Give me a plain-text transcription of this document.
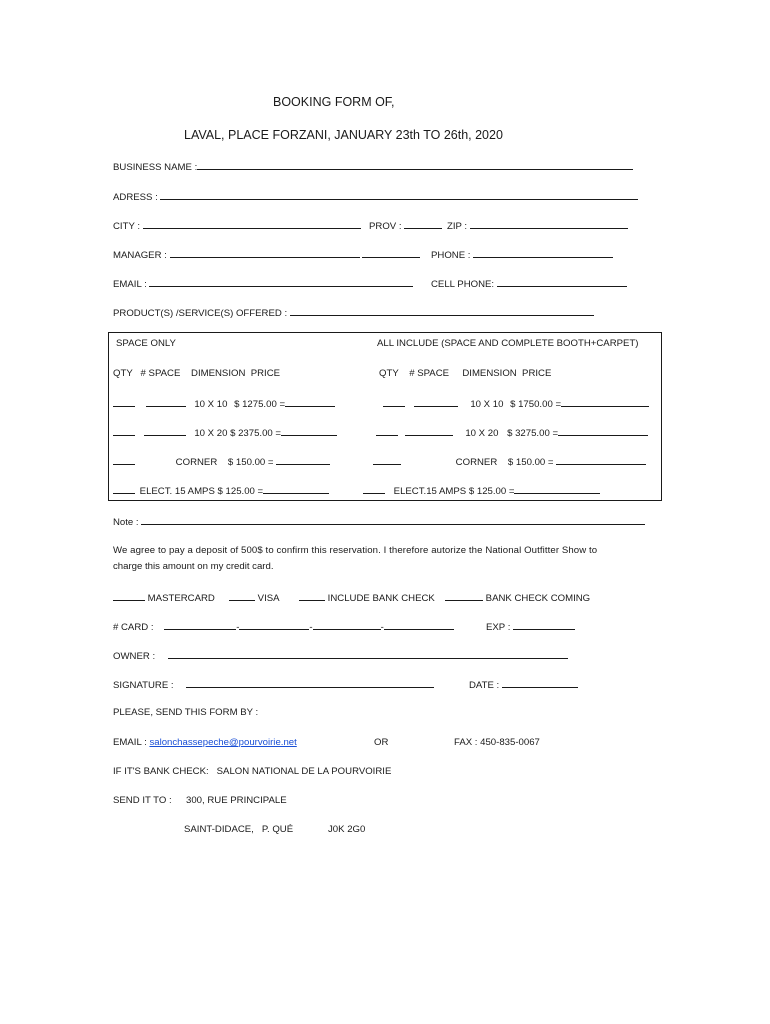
BOOKING FORM OF,
LAVAL, PLACE FORZANI, JANUARY 23th TO 26th, 2020
BUSINESS NAME :
ADRESS :
CITY :	PROV :	ZIP :
MANAGER :	PHONE :
EMAIL :	CELL PHONE:
PRODUCT(S) /SERVICE(S) OFFERED :
SPACE ONLY	ALL INCLUDE (SPACE AND COMPLETE BOOTH+CARPET)
QTY   # SPACE    DIMENSION  PRICE	QTY    # SPACE     DIMENSION  PRICE
10 X 10 $ 1275.00 =	10 X 10 $ 1750.00 =
10 X 20 $ 2375.00 =	10 X 20 $ 3275.00 =
CORNER $ 150.00 =	CORNER $ 150.00 =
ELECT. 15 AMPS $ 125.00 =	ELECT.15 AMPS $ 125.00 =
Note :
We agree to pay a deposit of 500$ to confirm this reservation. I therefore autorize the National Outfitter Show to
charge this amount on my credit card.
MASTERCARD	VISA	INCLUDE BANK CHECK	BANK CHECK COMING
# CARD :	-	-	-	EXP :
OWNER :
SIGNATURE :	DATE :
PLEASE, SEND THIS FORM BY :
EMAIL : salonchassepeche@pourvoirie.net	OR	FAX : 450-835-0067
IF IT'S BANK CHECK:   SALON NATIONAL DE LA POURVOIRIE
SEND IT TO : 300, RUE PRINCIPALE
SAINT-DIDACE,   P. QUÉ	J0K 2G0
